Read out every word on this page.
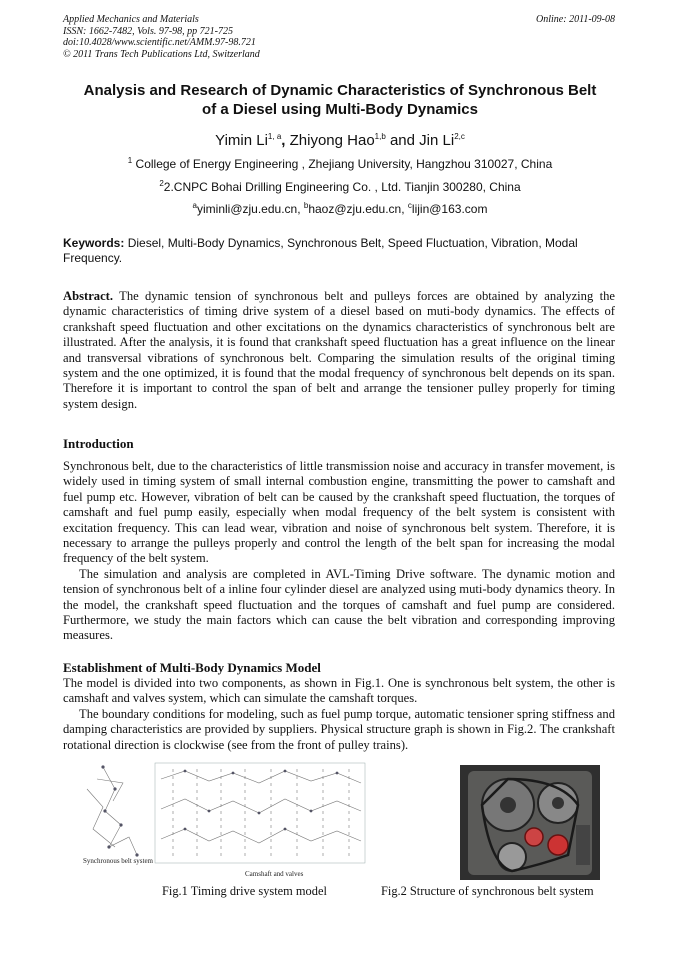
Applied Mechanics and Materials
ISSN: 1662-7482, Vols. 97-98, pp 721-725
doi:10.4028/www.scientific.net/AMM.97-98.721
© 2011 Trans Tech Publications Ltd, Switzerland
Online: 2011-09-08
Analysis and Research of Dynamic Characteristics of Synchronous Belt
of a Diesel using Multi-Body Dynamics
Yimin Li$^{1, a}$, Zhiyong Hao$^{1,b}$ and Jin Li$^{2,c}$
$^1$ College of Energy Engineering , Zhejiang University, Hangzhou 310027, China
$^2$2.CNPC Bohai Drilling Engineering Co. , Ltd. Tianjin 300280, China
$^a$yiminli@zju.edu.cn, $^b$haoz@zju.edu.cn, $^c$lijin@163.com
Keywords: Diesel, Multi-Body Dynamics, Synchronous Belt, Speed Fluctuation, Vibration, Modal Frequency.
Abstract. The dynamic tension of synchronous belt and pulleys forces are obtained by analyzing the dynamic characteristics of timing drive system of a diesel based on muti-body dynamics. The effects of crankshaft speed fluctuation and other excitations on the dynamics characteristics of synchronous belt are illustrated. After the analysis, it is found that crankshaft speed fluctuation has a great influence on the linear and transversal vibrations of synchronous belt. Comparing the simulation results of the original timing system and the one optimized, it is found that the modal frequency of synchronous belt depends on its span. Therefore it is important to control the span of belt and arrange the tensioner pulley properly for timing system design.
Introduction

Synchronous belt, due to the characteristics of little transmission noise and accuracy in transfer movement, is widely used in timing system of small internal combustion engine, transmitting the power to camshaft and fuel pump etc. However, vibration of belt can be caused by the crankshaft speed fluctuation, the torques of camshaft and fuel pump easily, especially when modal frequency of the belt system is consistent with excitation frequency. This can lead wear, vibration and noise of synchronous belt system. Therefore, it is necessary to arrange the pulleys properly and control the length of the belt span for increasing the modal frequency of the belt system.

The simulation and analysis are completed in AVL-Timing Drive software. The dynamic motion and tension of synchronous belt of a inline four cylinder diesel are analyzed using muti-body dynamics theory. In the model, the crankshaft speed fluctuation and the torques of camshaft and fuel pump are considered. Furthermore, we study the main factors which can cause the belt vibration and corresponding improving measures.

Establishment of Multi-Body Dynamics Model

The model is divided into two components, as shown in Fig.1. One is synchronous belt system, the other is camshaft and valves system, which can simulate the camshaft torques.

The boundary conditions for modeling, such as fuel pump torque, automatic tensioner spring stiffness and damping characteristics are provided by suppliers. Physical structure graph is shown in Fig.2. The crankshaft rotational direction is clockwise (see from the front of pulley trains).

Synchronous belt system
Camshaft and valves
Fig.1 Timing drive system model	Fig.2 Structure of synchronous belt system
